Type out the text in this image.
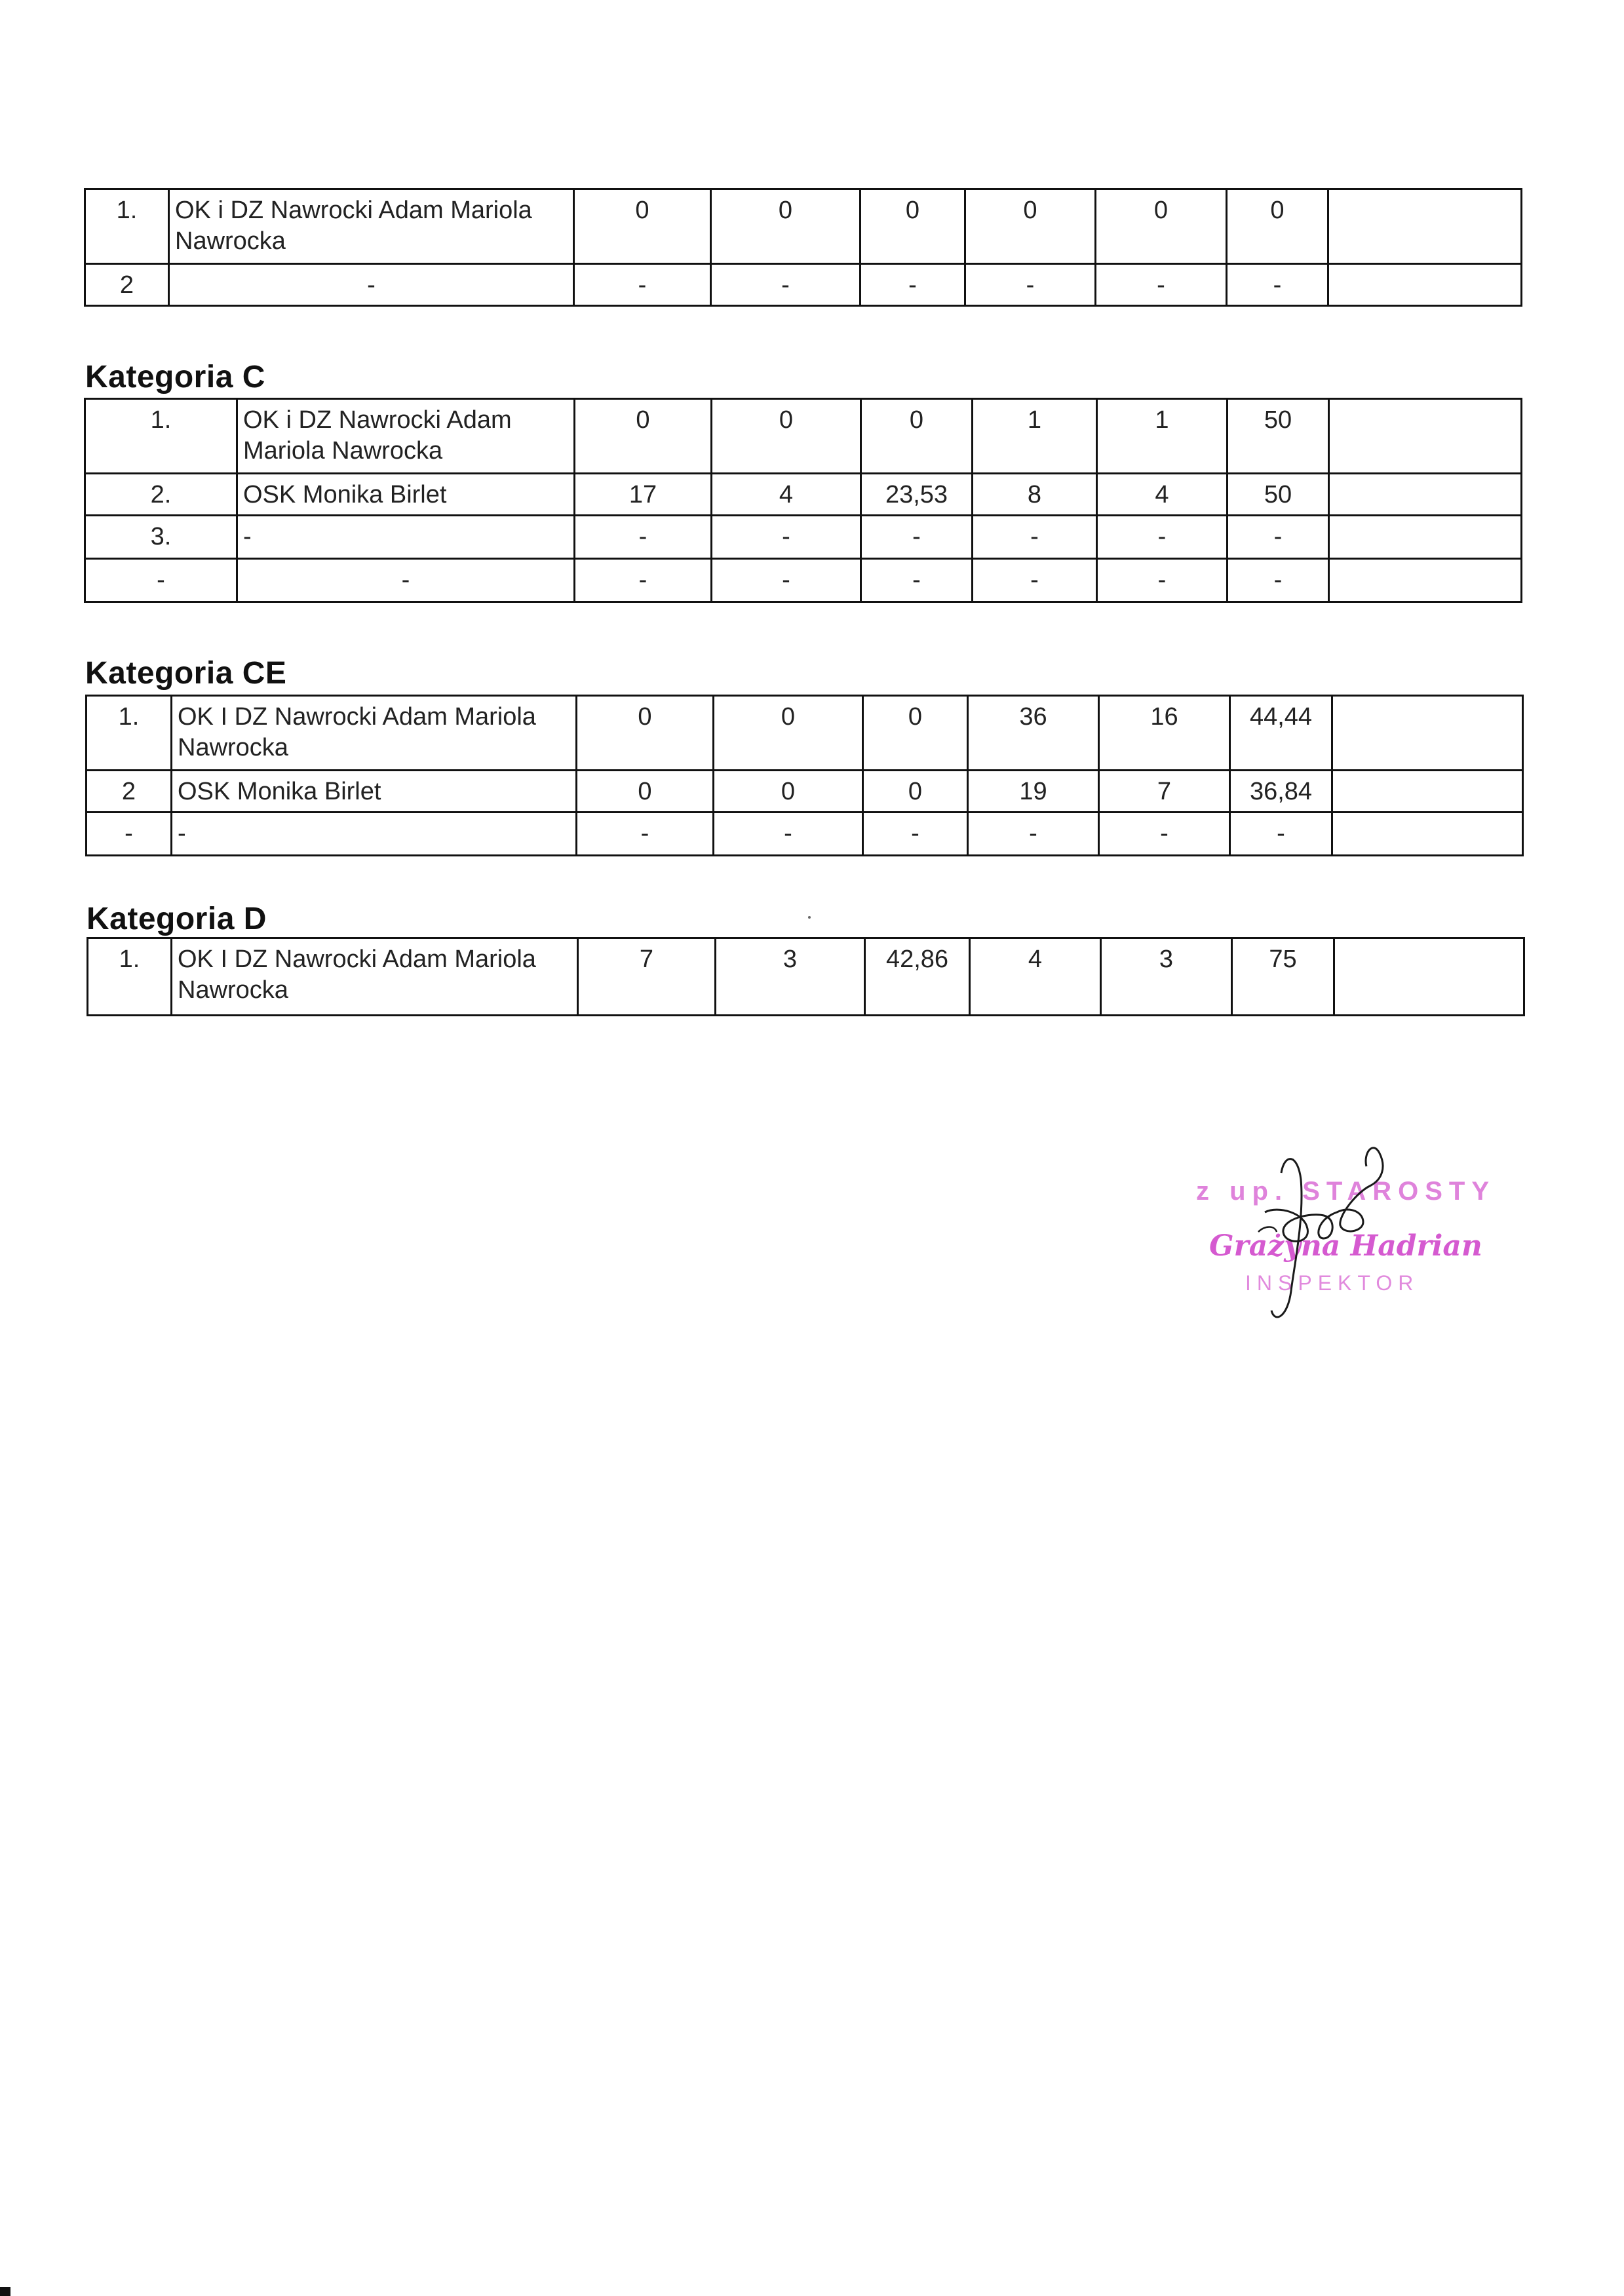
1.	OK i DZ Nawrocki Adam Mariola Nawrocka	0	0	0	0	0	0	
2	-	-	-	-	-	-	-	
Kategoria C
1.	OK i DZ Nawrocki Adam Mariola Nawrocka	0	0	0	1	1	50	
2.	OSK Monika Birlet	17	4	23,53	8	4	50	
3.	-	-	-	-	-	-	-	
-	-	-	-	-	-	-	-	
Kategoria CE
1.	OK I DZ Nawrocki Adam Mariola Nawrocka	0	0	0	36	16	44,44	
2	OSK Monika Birlet	0	0	0	19	7	36,84	
-	-	-	-	-	-	-	-	
Kategoria D
1.	OK I DZ Nawrocki Adam Mariola Nawrocka	7	3	42,86	4	3	75	
z up. STAROSTY
Grażyna Hadrian
INSPEKTOR
